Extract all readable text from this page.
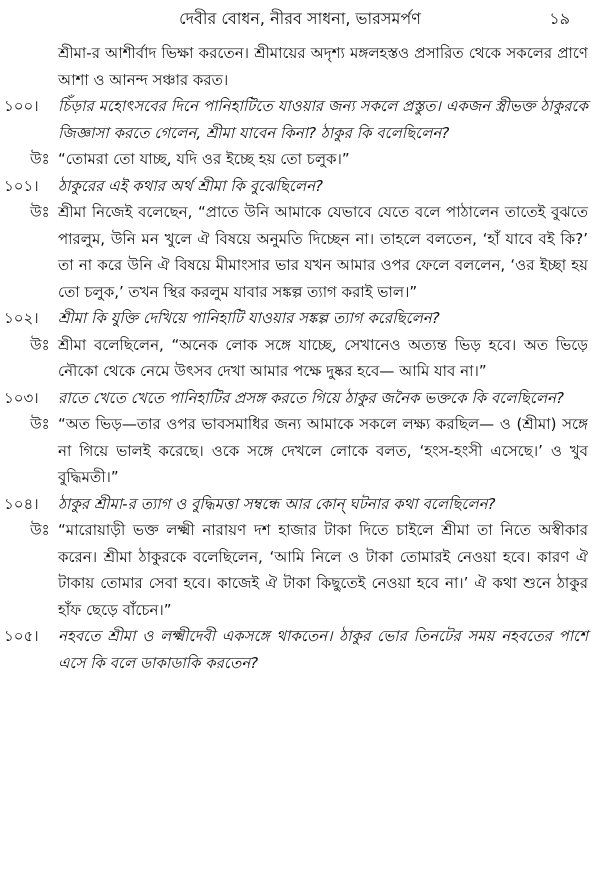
দেবীর বোধন, নীরব সাধনা, ভারসমর্পণ	১৯

শ্রীমা-র আশীর্বাদ ভিক্ষা করতেন। শ্রীমায়ের অদৃশ্য মঙ্গলহস্তও প্রসারিত থেকে সকলের প্রাণে আশা ও আনন্দ সঞ্চার করত।

১০০।	চিঁড়ার মহোৎসবের দিনে পানিহাটিতে যাওয়ার জন্য সকলে প্রস্তুত। একজন স্ত্রীভক্ত ঠাকুরকে জিজ্ঞাসা করতে গেলেন, শ্রীমা যাবেন কিনা? ঠাকুর কি বলেছিলেন?

উঃ “তোমরা তো যাচ্ছ, যদি ওর ইচ্ছে হয় তো চলুক।”

১০১।	ঠাকুরের এই কথার অর্থ শ্রীমা কি বুঝেছিলেন?

উঃ শ্রীমা নিজেই বলেছেন, “প্রাতে উনি আমাকে যেভাবে যেতে বলে পাঠালেন তাতেই বুঝতে পারলুম, উনি মন খুলে ঐ বিষয়ে অনুমতি দিচ্ছেন না। তাহলে বলতেন, ‘হাঁ যাবে বই কি?’ তা না করে উনি ঐ বিষয়ে মীমাংসার ভার যখন আমার ওপর ফেলে বললেন, ‘ওর ইচ্ছা হয় তো চলুক,’ তখন স্থির করলুম যাবার সঙ্কল্প ত্যাগ করাই ভাল।”

১০২।	শ্রীমা কি যুক্তি দেখিয়ে পানিহাটি যাওয়ার সঙ্কল্প ত্যাগ করেছিলেন?

উঃ শ্রীমা বলেছিলেন, “অনেক লোক সঙ্গে যাচ্ছে, সেখানেও অত্যন্ত ভিড় হবে। অত ভিড়ে নৌকো থেকে নেমে উৎসব দেখা আমার পক্ষে দুষ্কর হবে— আমি যাব না।”

১০৩।	রাতে খেতে খেতে পানিহাটির প্রসঙ্গ করতে গিয়ে ঠাকুর জনৈক ভক্তকে কি বলেছিলেন?

উঃ “অত ভিড়—তার ওপর ভাবসমাধির জন্য আমাকে সকলে লক্ষ্য করছিল— ও (শ্রীমা) সঙ্গে না গিয়ে ভালই করেছে। ওকে সঙ্গে দেখলে লোকে বলত, ‘হংস-হংসী এসেছে।’ ও খুব বুদ্ধিমতী।”

১০৪।	ঠাকুর শ্রীমা-র ত্যাগ ও বুদ্ধিমত্তা সম্বন্ধে আর কোন্ ঘটনার কথা বলেছিলেন?

উঃ “মারোয়াড়ী ভক্ত লক্ষ্মী নারায়ণ দশ হাজার টাকা দিতে চাইলে শ্রীমা তা নিতে অস্বীকার করেন। শ্রীমা ঠাকুরকে বলেছিলেন, ‘আমি নিলে ও টাকা তোমারই নেওয়া হবে। কারণ ঐ টাকায় তোমার সেবা হবে। কাজেই ঐ টাকা কিছুতেই নেওয়া হবে না।’ ঐ কথা শুনে ঠাকুর হাঁফ ছেড়ে বাঁচেন।”

১০৫।	নহবতে শ্রীমা ও লক্ষ্মীদেবী একসঙ্গে থাকতেন। ঠাকুর ভোর তিনটের সময় নহবতের পাশে এসে কি বলে ডাকাডাকি করতেন?
